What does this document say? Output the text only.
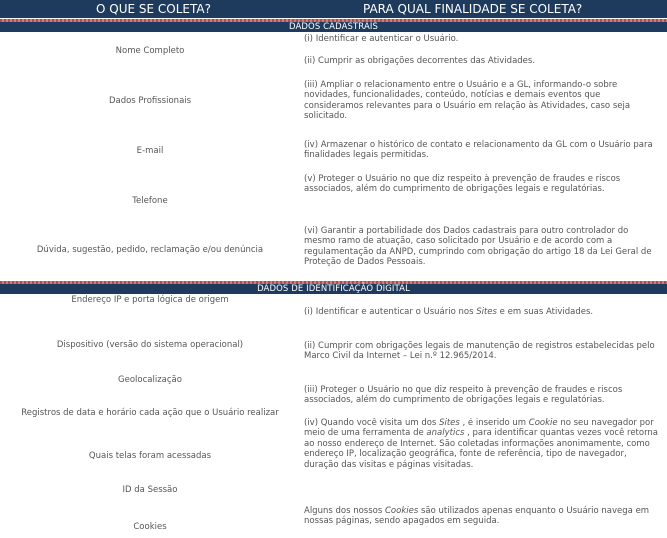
O QUE SE COLETA?	PARA QUAL FINALIDADE SE COLETA?
DADOS CADASTRAIS
Nome Completo
Dados Profissionais
E-mail
Telefone
Dúvida, sugestão, pedido, reclamação e/ou denúncia
(i) Identificar e autenticar o Usuário.
(ii) Cumprir as obrigações decorrentes das Atividades.
(iii) Ampliar o relacionamento entre o Usuário e a GL, informando-o sobre novidades, funcionalidades, conteúdo, notícias e demais eventos que consideramos relevantes para o Usuário em relação às Atividades, caso seja solicitado.
(iv) Armazenar o histórico de contato e relacionamento da GL com o Usuário para finalidades legais permitidas.
(v) Proteger o Usuário no que diz respeito à prevenção de fraudes e riscos associados, além do cumprimento de obrigações legais e regulatórias.
(vi) Garantir a portabilidade dos Dados cadastrais para outro controlador do mesmo ramo de atuação, caso solicitado por Usuário e de acordo com a regulamentação da ANPD, cumprindo com obrigação do artigo 18 da Lei Geral de Proteção de Dados Pessoais.
DADOS DE IDENTIFICAÇÃO DIGITAL
Endereço IP e porta lógica de origem
Dispositivo (versão do sistema operacional)
Geolocalização
Registros de data e horário cada ação que o Usuário realizar
Quais telas foram acessadas
ID da Sessão
Cookies
(i) Identificar e autenticar o Usuário nos Sites e em suas Atividades.
(ii) Cumprir com obrigações legais de manutenção de registros estabelecidas pelo Marco Civil da Internet – Lei n.º 12.965/2014.
(iii) Proteger o Usuário no que diz respeito à prevenção de fraudes e riscos associados, além do cumprimento de obrigações legais e regulatórias.
(iv) Quando você visita um dos Sites , é inserido um Cookie no seu navegador por meio de uma ferramenta de analytics , para identificar quantas vezes você retorna ao nosso endereço de Internet. São coletadas informações anonimamente, como endereço IP, localização geográfica, fonte de referência, tipo de navegador, duração das visitas e páginas visitadas.
Alguns dos nossos Cookies são utilizados apenas enquanto o Usuário navega em nossas páginas, sendo apagados em seguida.
